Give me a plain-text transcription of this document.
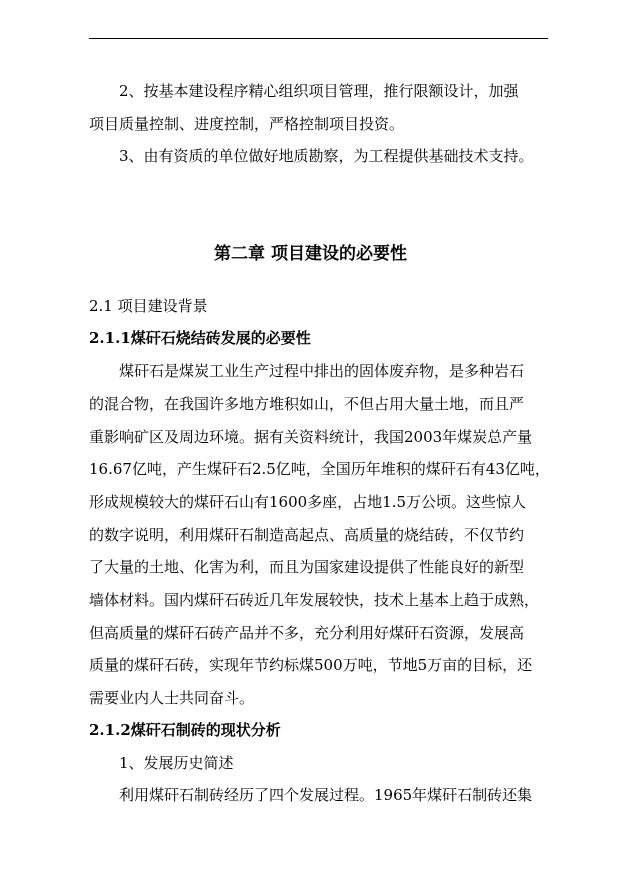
2、按基本建设程序精心组织项目管理，推行限额设计，加强
项目质量控制、进度控制，严格控制项目投资。
3、由有资质的单位做好地质勘察，为工程提供基础技术支持。
第二章 项目建设的必要性
2.1 项目建设背景
2.1.1煤矸石烧结砖发展的必要性
煤矸石是煤炭工业生产过程中排出的固体废弃物，是多种岩石
的混合物，在我国许多地方堆积如山，不但占用大量土地，而且严
重影响矿区及周边环境。据有关资料统计，我国2003年煤炭总产量
16.67亿吨，产生煤矸石2.5亿吨，全国历年堆积的煤矸石有43亿吨，
形成规模较大的煤矸石山有1600多座，占地1.5万公顷。这些惊人
的数字说明，利用煤矸石制造高起点、高质量的烧结砖，不仅节约
了大量的土地、化害为利，而且为国家建设提供了性能良好的新型
墙体材料。国内煤矸石砖近几年发展较快，技术上基本上趋于成熟，
但高质量的煤矸石砖产品并不多，充分利用好煤矸石资源，发展高
质量的煤矸石砖，实现年节约标煤500万吨，节地5万亩的目标，还
需要业内人士共同奋斗。
2.1.2煤矸石制砖的现状分析
1、发展历史简述
利用煤矸石制砖经历了四个发展过程。1965年煤矸石制砖还集
